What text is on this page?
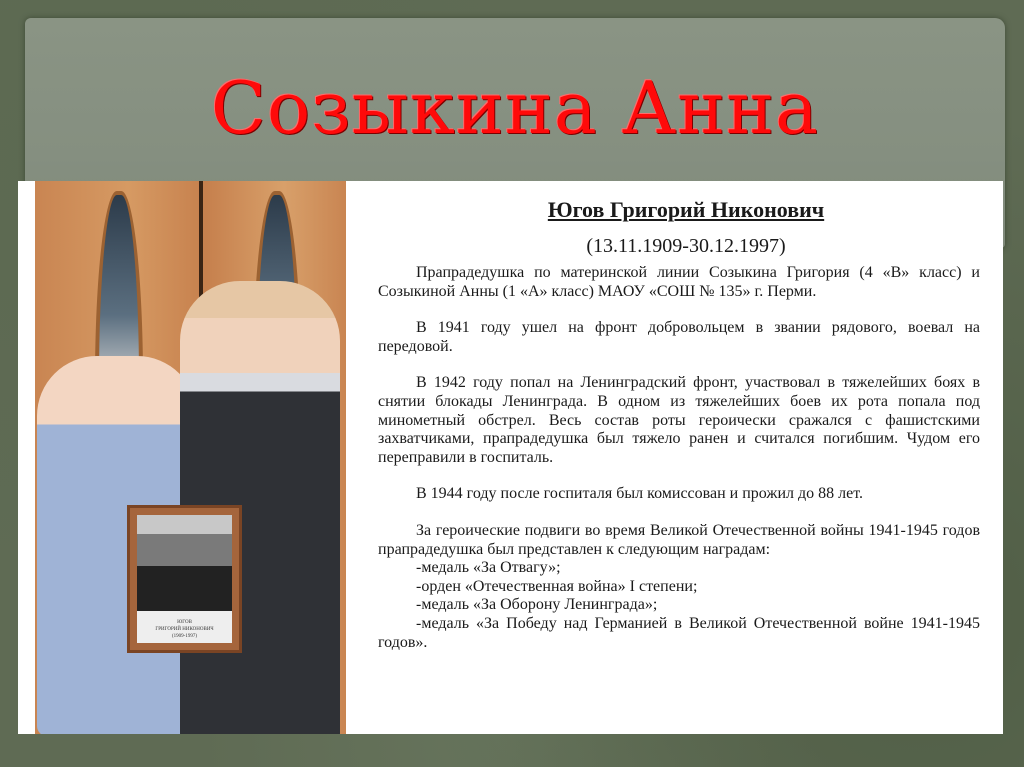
Созыкина Анна
ЮГОВ
ГРИГОРИЙ НИКОНОВИЧ
(1909-1997)
Югов Григорий Никонович
(13.11.1909-30.12.1997)

Прапрадедушка по материнской линии Созыкина Григория (4 «В» класс) и Созыкиной Анны (1 «А» класс) МАОУ «СОШ № 135» г. Перми.

В 1941 году ушел на фронт добровольцем в звании рядового, воевал на передовой.

В 1942 году попал на Ленинградский фронт, участвовал в тяжелейших боях в снятии блокады Ленинграда. В одном из тяжелейших боев их рота попала под минометный обстрел. Весь состав роты героически сражался с фашистскими захватчиками, прапрадедушка был тяжело ранен и считался погибшим. Чудом его переправили в госпиталь.

В 1944 году после госпиталя был комиссован и прожил до 88 лет.

За героические подвиги во время Великой Отечественной войны 1941-1945 годов прапрадедушка был представлен к следующим наградам:

-медаль «За Отвагу»;

-орден «Отечественная война» I степени;

-медаль «За Оборону Ленинграда»;

-медаль «За Победу над Германией в Великой Отечественной войне 1941-1945 годов».
